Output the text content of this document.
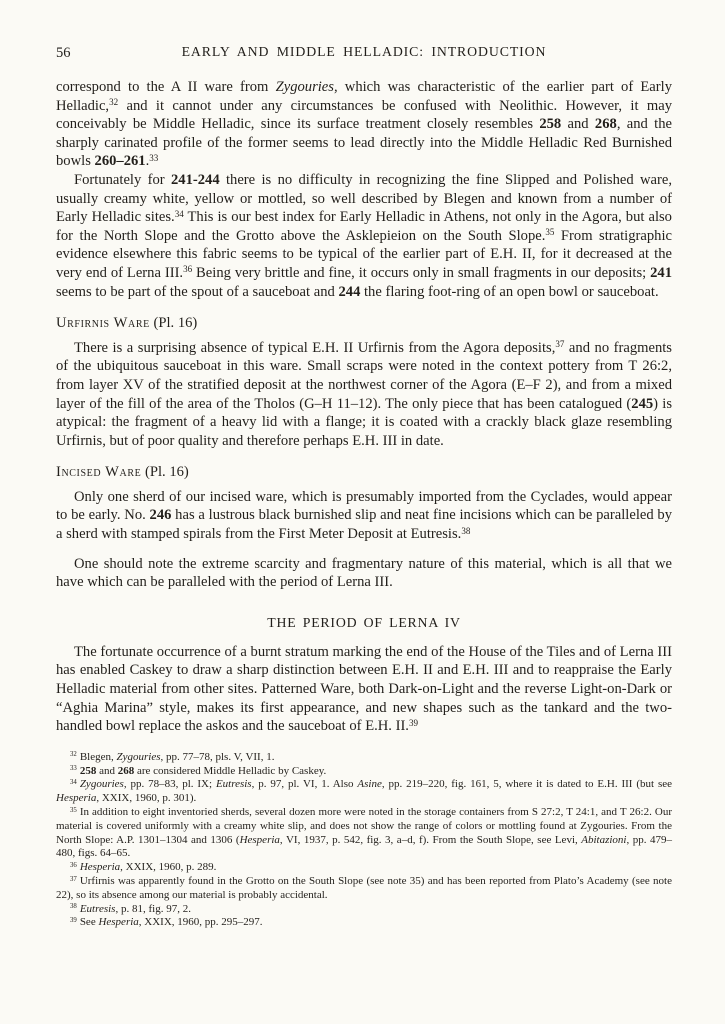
56	EARLY AND MIDDLE HELLADIC: INTRODUCTION

correspond to the A II ware from Zygouries, which was characteristic of the earlier part of Early Helladic,$^{32}$ and it cannot under any circumstances be confused with Neolithic. However, it may conceivably be Middle Helladic, since its surface treatment closely resembles 258 and 268, and the sharply carinated profile of the former seems to lead directly into the Middle Helladic Red Burnished bowls 260–261.33

Fortunately for 241-244 there is no difficulty in recognizing the fine Slipped and Polished ware, usually creamy white, yellow or mottled, so well described by Blegen and known from a number of Early Helladic sites.$^{34}$ This is our best index for Early Helladic in Athens, not only in the Agora, but also for the North Slope and the Grotto above the Asklepieion on the South Slope.$^{35}$ From stratigraphic evidence elsewhere this fabric seems to be typical of the earlier part of E.H. II, for it decreased at the very end of Lerna III.$^{36}$ Being very brittle and fine, it occurs only in small fragments in our deposits; 241 seems to be part of the spout of a sauceboat and 244 the flaring foot-ring of an open bowl or sauceboat.

Urfirnis Ware (Pl. 16)

There is a surprising absence of typical E.H. II Urfirnis from the Agora deposits,$^{37}$ and no fragments of the ubiquitous sauceboat in this ware. Small scraps were noted in the context pottery from T 26:2, from layer XV of the stratified deposit at the northwest corner of the Agora (E–F 2), and from a mixed layer of the fill of the area of the Tholos (G–H 11–12). The only piece that has been catalogued (245) is atypical: the fragment of a heavy lid with a flange; it is coated with a crackly black glaze resembling Urfirnis, but of poor quality and therefore perhaps E.H. III in date.

Incised Ware (Pl. 16)

Only one sherd of our incised ware, which is presumably imported from the Cyclades, would appear to be early. No. 246 has a lustrous black burnished slip and neat fine incisions which can be paralleled by a sherd with stamped spirals from the First Meter Deposit at Eutresis.$^{38}$

One should note the extreme scarcity and fragmentary nature of this material, which is all that we have which can be paralleled with the period of Lerna III.

THE PERIOD OF LERNA IV

The fortunate occurrence of a burnt stratum marking the end of the House of the Tiles and of Lerna III has enabled Caskey to draw a sharp distinction between E.H. II and E.H. III and to reappraise the Early Helladic material from other sites. Patterned Ware, both Dark-on-Light and the reverse Light-on-Dark or “Aghia Marina” style, makes its first appearance, and new shapes such as the tankard and the two-handled bowl replace the askos and the sauceboat of E.H. II.$^{39}$

$^{32}$ Blegen, Zygouries, pp. 77–78, pls. V, VII, 1.

$^{33}$ 258 and 268 are considered Middle Helladic by Caskey.

$^{34}$ Zygouries, pp. 78–83, pl. IX; Eutresis, p. 97, pl. VI, 1. Also Asine, pp. 219–220, fig. 161, 5, where it is dated to E.H. III (but see Hesperia, XXIX, 1960, p. 301).

$^{35}$ In addition to eight inventoried sherds, several dozen more were noted in the storage containers from S 27:2, T 24:1, and T 26:2. Our material is covered uniformly with a creamy white slip, and does not show the range of colors or mottling found at Zygouries. From the North Slope: A.P. 1301–1304 and 1306 (Hesperia, VI, 1937, p. 542, fig. 3, a–d, f). From the South Slope, see Levi, Abitazioni, pp. 479–480, figs. 64–65.

$^{36}$ Hesperia, XXIX, 1960, p. 289.

$^{37}$ Urfirnis was apparently found in the Grotto on the South Slope (see note 35) and has been reported from Plato’s Academy (see note 22), so its absence among our material is probably accidental.

$^{38}$ Eutresis, p. 81, fig. 97, 2.

$^{39}$ See Hesperia, XXIX, 1960, pp. 295–297.
